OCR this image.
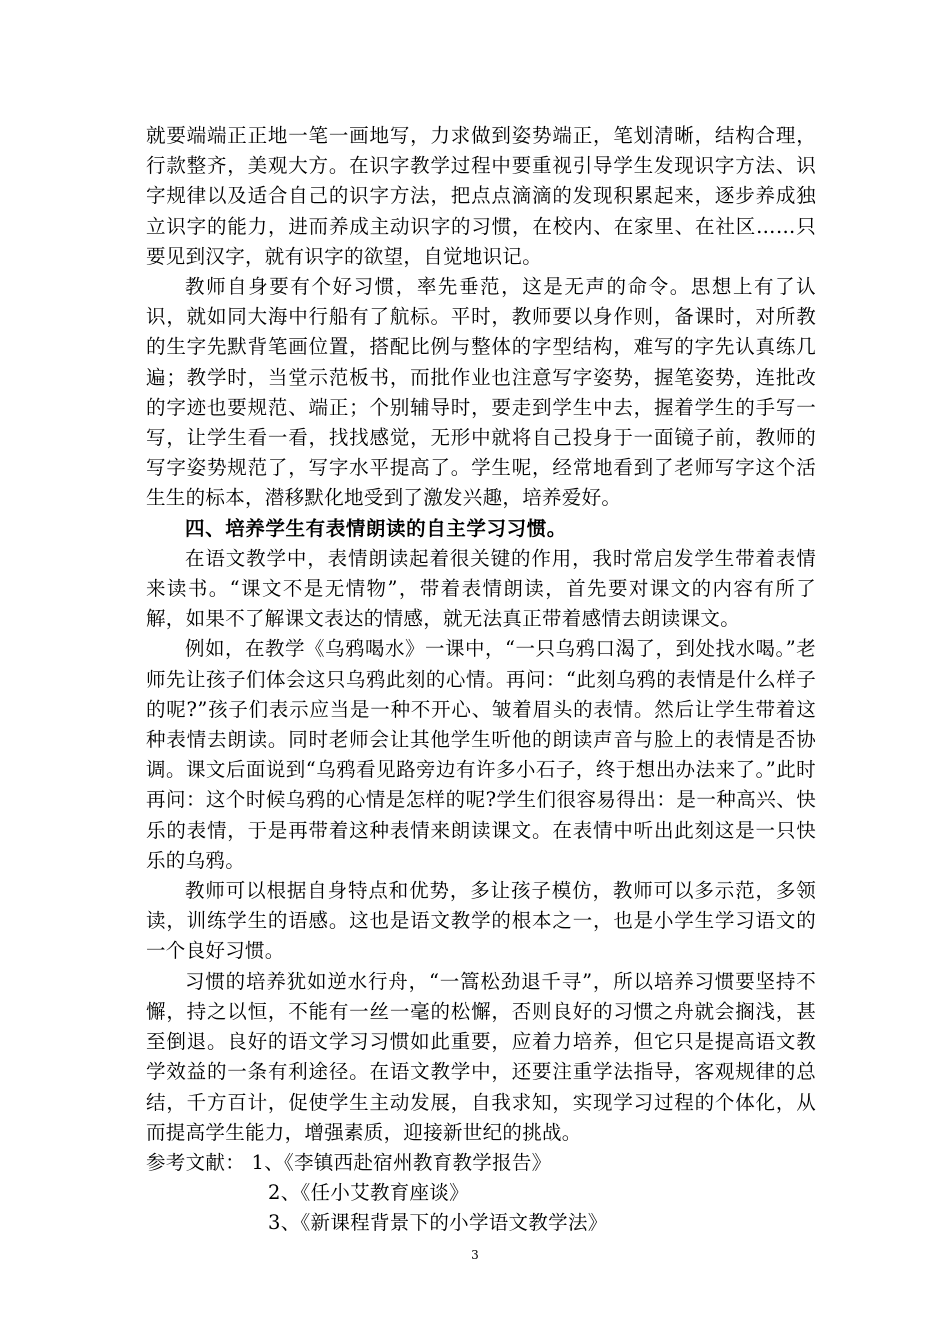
就要端端正正地一笔一画地写，力求做到姿势端正，笔划清晰，结构合理，行款整齐，美观大方。在识字教学过程中要重视引导学生发现识字方法、识字规律以及适合自己的识字方法，把点点滴滴的发现积累起来，逐步养成独立识字的能力，进而养成主动识字的习惯，在校内、在家里、在社区……只要见到汉字，就有识字的欲望，自觉地识记。

教师自身要有个好习惯，率先垂范，这是无声的命令。思想上有了认识，就如同大海中行船有了航标。平时，教师要以身作则，备课时，对所教的生字先默背笔画位置，搭配比例与整体的字型结构，难写的字先认真练几遍；教学时，当堂示范板书，而批作业也注意写字姿势，握笔姿势，连批改的字迹也要规范、端正；个别辅导时，要走到学生中去，握着学生的手写一写，让学生看一看，找找感觉，无形中就将自己投身于一面镜子前，教师的写字姿势规范了，写字水平提高了。学生呢，经常地看到了老师写字这个活生生的标本，潜移默化地受到了激发兴趣，培养爱好。

四、培养学生有表情朗读的自主学习习惯。

在语文教学中，表情朗读起着很关键的作用，我时常启发学生带着表情来读书。“课文不是无情物”，带着表情朗读，首先要对课文的内容有所了解，如果不了解课文表达的情感，就无法真正带着感情去朗读课文。

例如，在教学《乌鸦喝水》一课中，“一只乌鸦口渴了，到处找水喝。”老师先让孩子们体会这只乌鸦此刻的心情。再问：“此刻乌鸦的表情是什么样子的呢?”孩子们表示应当是一种不开心、皱着眉头的表情。然后让学生带着这种表情去朗读。同时老师会让其他学生听他的朗读声音与脸上的表情是否协调。课文后面说到“乌鸦看见路旁边有许多小石子，终于想出办法来了。”此时再问：这个时候乌鸦的心情是怎样的呢?学生们很容易得出：是一种高兴、快乐的表情，于是再带着这种表情来朗读课文。在表情中听出此刻这是一只快乐的乌鸦。

教师可以根据自身特点和优势，多让孩子模仿，教师可以多示范，多领读，训练学生的语感。这也是语文教学的根本之一，也是小学生学习语文的一个良好习惯。

习惯的培养犹如逆水行舟，“一篙松劲退千寻”，所以培养习惯要坚持不懈，持之以恒，不能有一丝一毫的松懈，否则良好的习惯之舟就会搁浅，甚至倒退。良好的语文学习习惯如此重要，应着力培养，但它只是提高语文教学效益的一条有利途径。在语文教学中，还要注重学法指导，客观规律的总结，千方百计，促使学生主动发展，自我求知，实现学习过程的个体化，从而提高学生能力，增强素质，迎接新世纪的挑战。

参考文献： 1、《李镇西赴宿州教育教学报告》
2、《任小艾教育座谈》
3、《新课程背景下的小学语文教学法》
3
